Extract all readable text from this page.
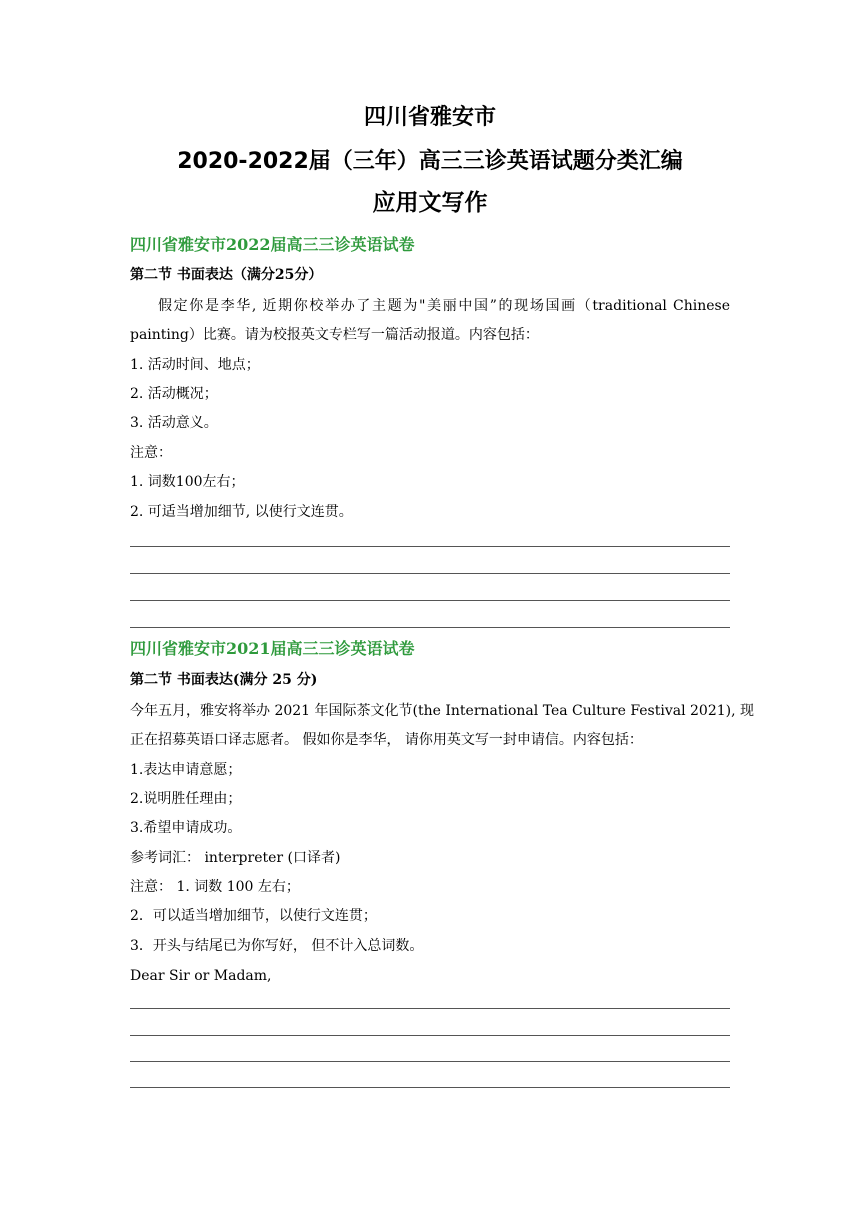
四川省雅安市
2020-2022届（三年）高三三诊英语试题分类汇编
应用文写作
四川省雅安市2022届高三三诊英语试卷
第二节 书面表达（满分25分）
假定你是李华, 近期你校举办了主题为"美丽中国”的现场国画（traditional Chinese
painting）比赛。请为校报英文专栏写一篇活动报道。内容包括：
1. 活动时间、地点；
2. 活动概况；
3. 活动意义。
注意：
1. 词数100左右；
2. 可适当增加细节, 以使行文连贯。
四川省雅安市2021届高三三诊英语试卷
第二节 书面表达(满分 25 分)
今年五月，雅安将举办 2021 年国际茶文化节(the International Tea Culture Festival 2021), 现
正在招募英语口译志愿者。 假如你是李华， 请你用英文写一封申请信。内容包括：
1.表达申请意愿；
2.说明胜任理由；
3.希望申请成功。
参考词汇： interpreter (口译者)
注意： 1. 词数 100 左右；
2．可以适当增加细节，以使行文连贯；
3．开头与结尾已为你写好， 但不计入总词数。
Dear Sir or Madam,
